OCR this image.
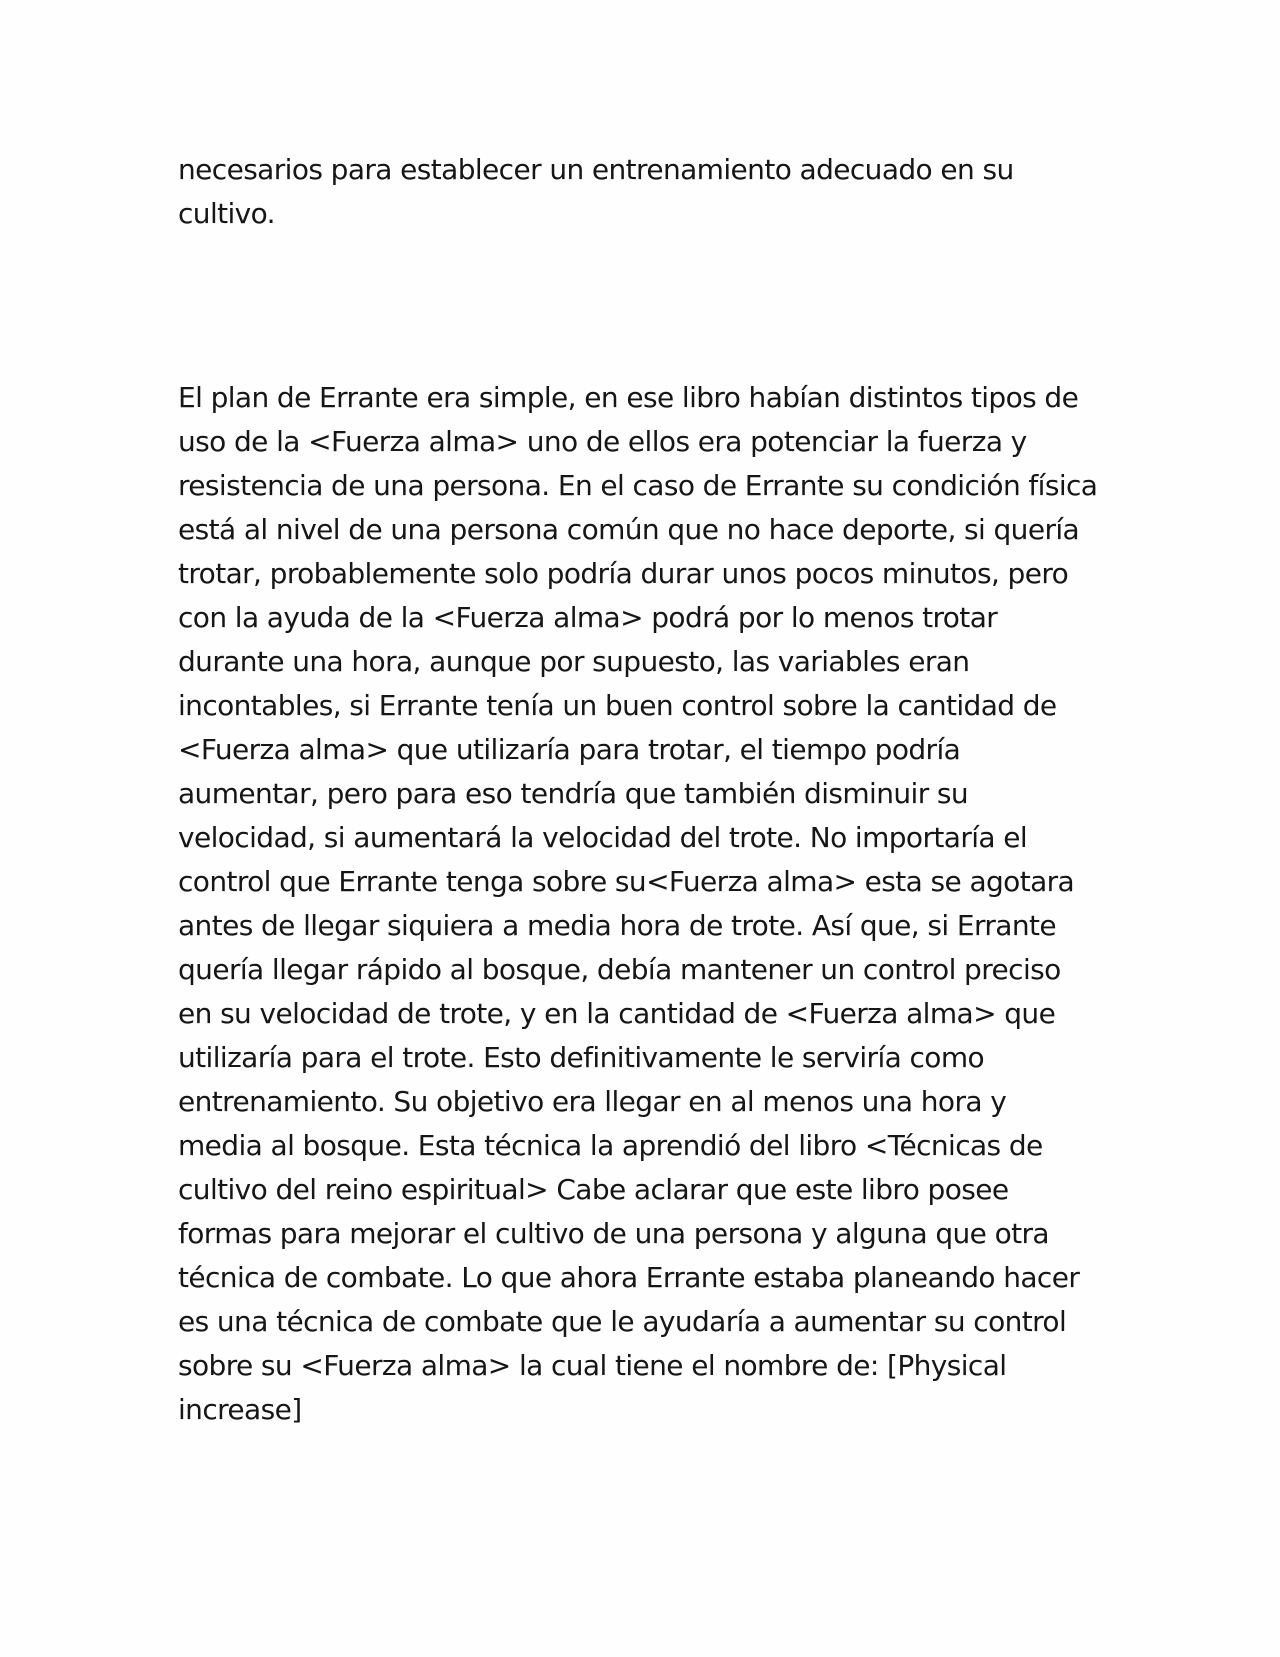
necesarios para establecer un entrenamiento adecuado en su
cultivo.
El plan de Errante era simple, en ese libro habían distintos tipos de
uso de la <Fuerza alma> uno de ellos era potenciar la fuerza y
resistencia de una persona. En el caso de Errante su condición física
está al nivel de una persona común que no hace deporte, si quería
trotar, probablemente solo podría durar unos pocos minutos, pero
con la ayuda de la <Fuerza alma> podrá por lo menos trotar
durante una hora, aunque por supuesto, las variables eran
incontables, si Errante tenía un buen control sobre la cantidad de
<Fuerza alma> que utilizaría para trotar, el tiempo podría
aumentar, pero para eso tendría que también disminuir su
velocidad, si aumentará la velocidad del trote. No importaría el
control que Errante tenga sobre su<Fuerza alma> esta se agotara
antes de llegar siquiera a media hora de trote. Así que, si Errante
quería llegar rápido al bosque, debía mantener un control preciso
en su velocidad de trote, y en la cantidad de <Fuerza alma> que
utilizaría para el trote. Esto definitivamente le serviría como
entrenamiento. Su objetivo era llegar en al menos una hora y
media al bosque. Esta técnica la aprendió del libro <Técnicas de
cultivo del reino espiritual> Cabe aclarar que este libro posee
formas para mejorar el cultivo de una persona y alguna que otra
técnica de combate. Lo que ahora Errante estaba planeando hacer
es una técnica de combate que le ayudaría a aumentar su control
sobre su <Fuerza alma> la cual tiene el nombre de: [Physical
increase]
